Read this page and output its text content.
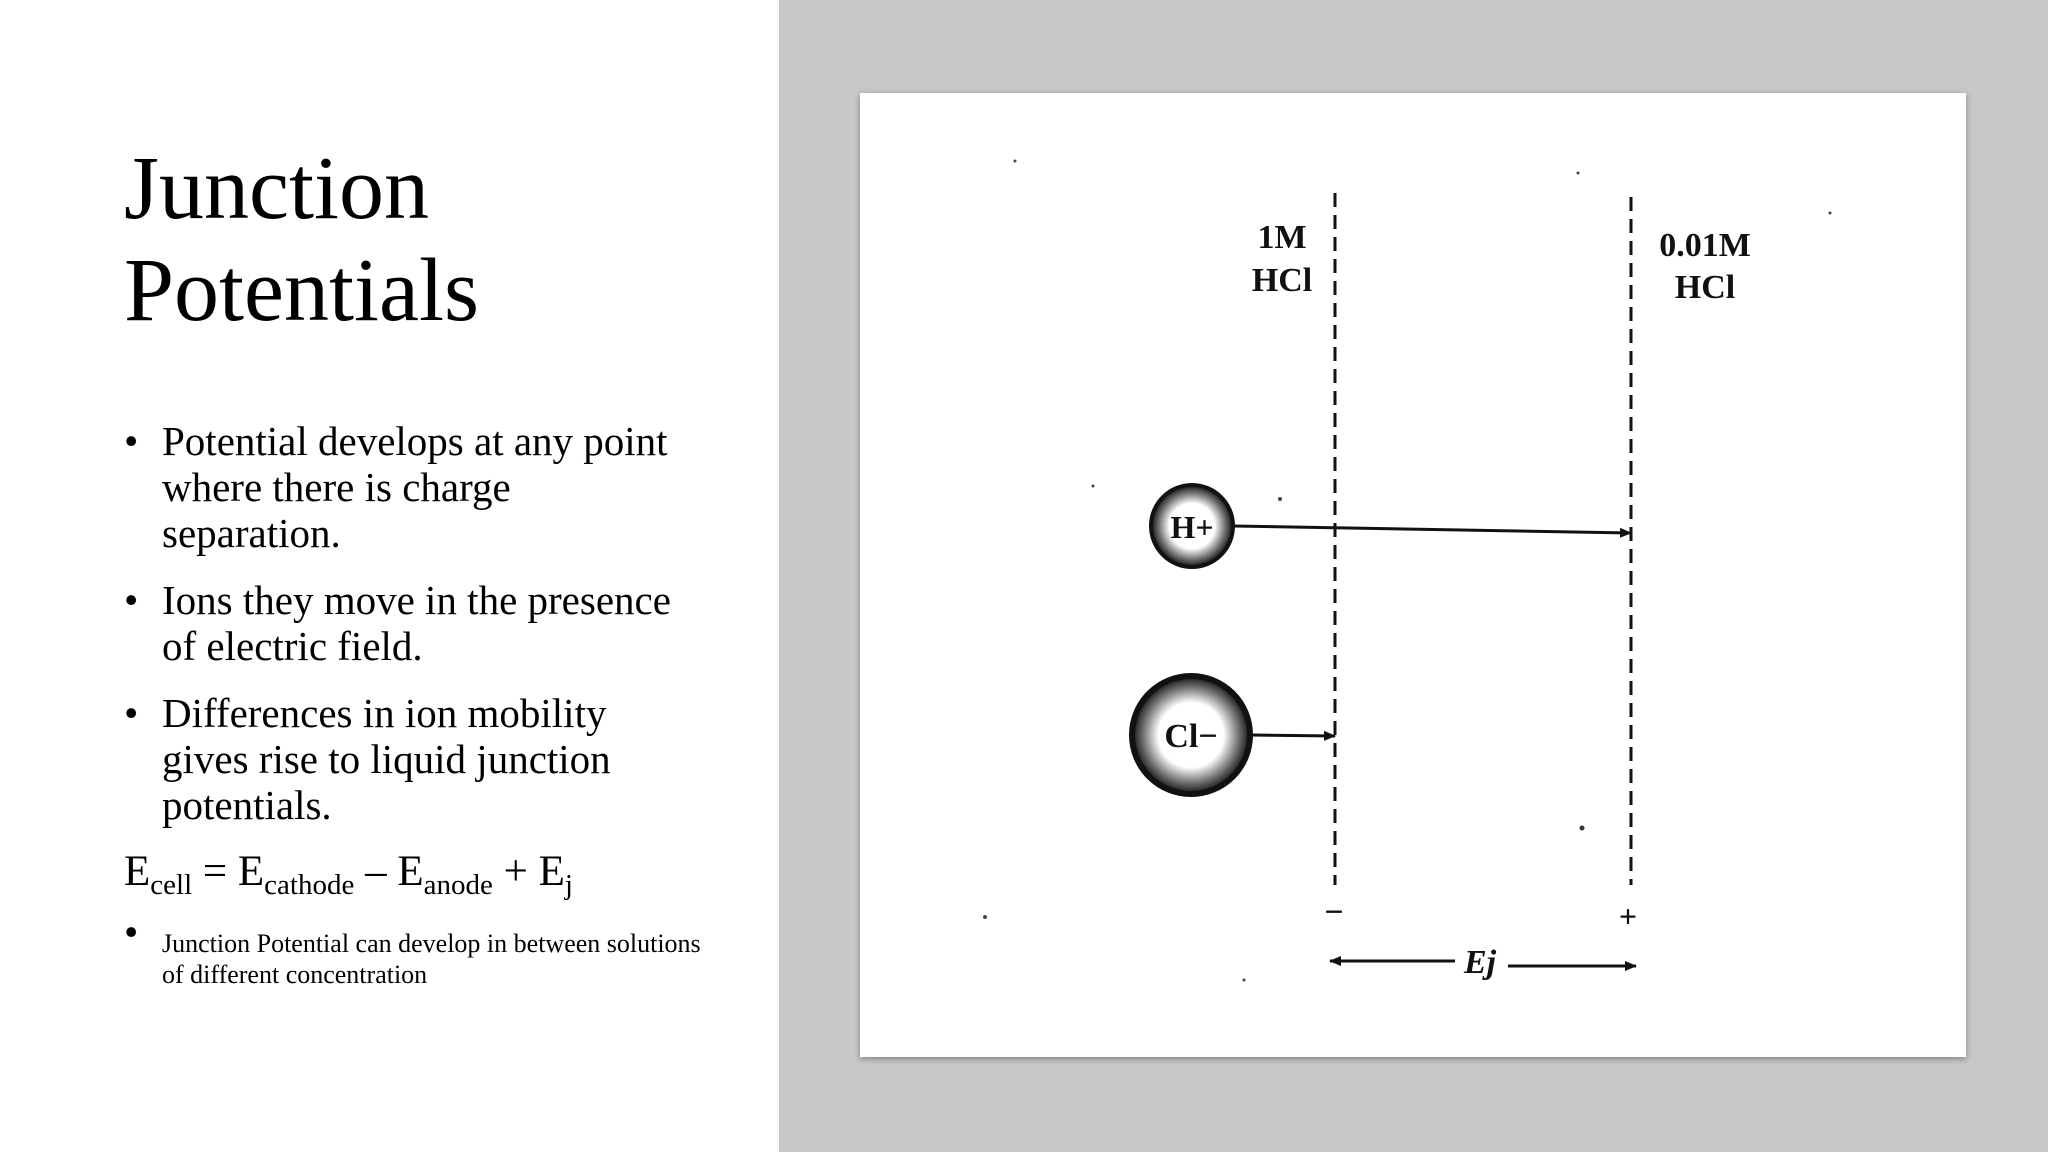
Junction
Potentials
• Potential develops at any point where there is charge separation.
• Ions they move in the presence of electric field.
• Differences in ion mobility gives rise to liquid junction potentials.
$E_{cell} = E_{cathode} - E_{anode} + E_j$
• Junction Potential can develop in between solutions of different concentration
1M
HCl
0.01M
HCl
H+
Cl−
−	+
Ej
